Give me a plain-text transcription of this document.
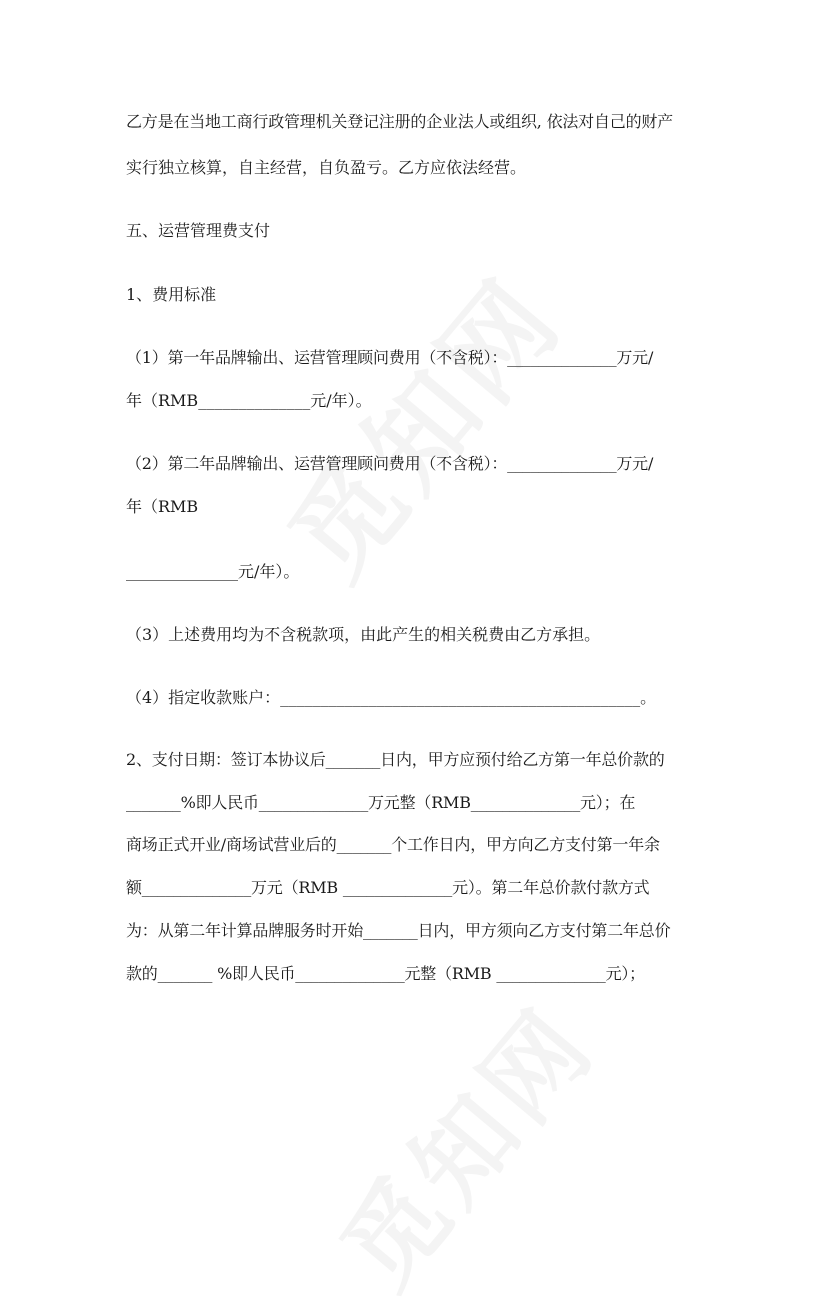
乙方是在当地工商行政管理机关登记注册的企业法人或组织, 依法对自己的财产

实行独立核算，自主经营，自负盈亏。乙方应依法经营。

五、运营管理费支付

1、费用标准

（1）第一年品牌输出、运营管理顾问费用（不含税）：______________万元/

年（RMB______________元/年）。

（2）第二年品牌输出、运营管理顾问费用（不含税）：______________万元/

年（RMB

______________元/年）。

（3）上述费用均为不含税款项，由此产生的相关税费由乙方承担。

（4）指定收款账户：_____________________________________________。

2、支付日期：签订本协议后_______日内，甲方应预付给乙方第一年总价款的

_______%即人民币______________万元整（RMB______________元）；在

商场正式开业/商场试营业后的_______个工作日内，甲方向乙方支付第一年余

额______________万元（RMB ______________元）。第二年总价款付款方式

为：从第二年计算品牌服务时开始_______日内，甲方须向乙方支付第二年总价

款的_______ %即人民币______________元整（RMB ______________元）；
